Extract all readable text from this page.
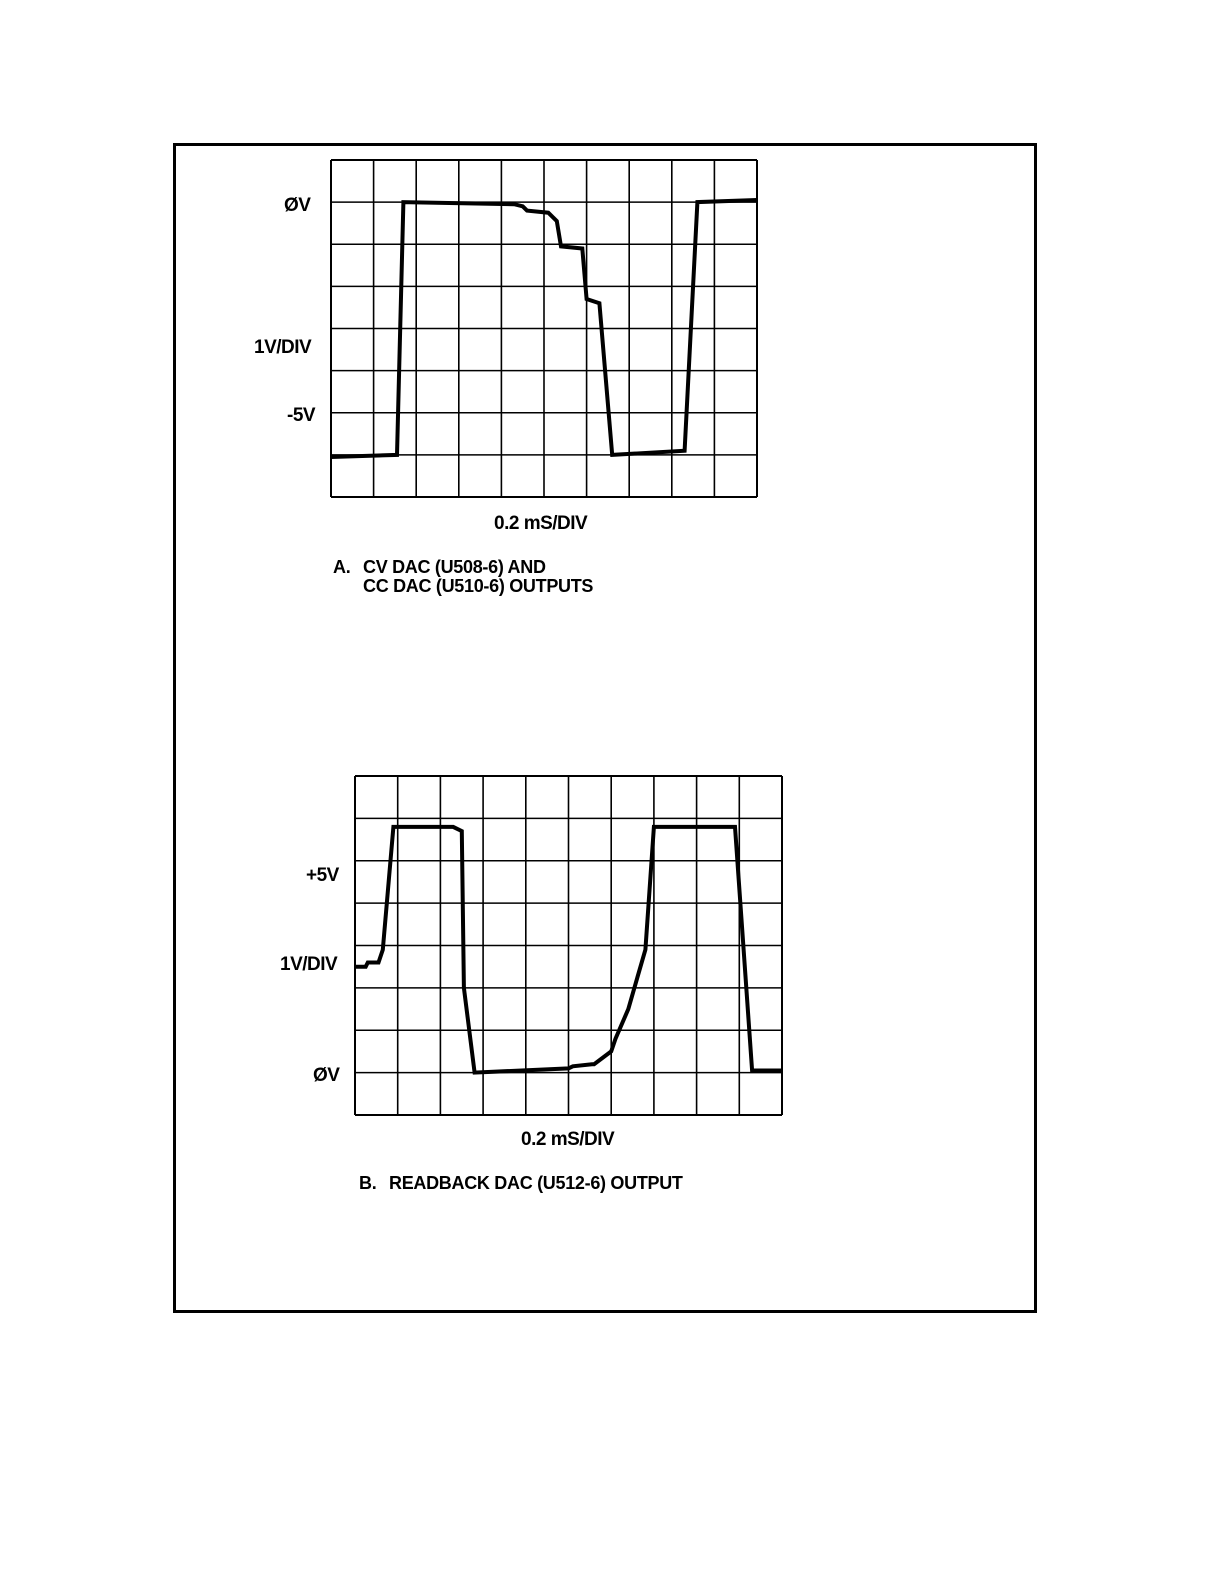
ØV
1V/DIV
-5V
0.2 mS/DIV
A. CV DAC (U508-6) AND
CC DAC (U510-6) OUTPUTS
+5V
1V/DIV
ØV
0.2 mS/DIV
B. READBACK DAC (U512-6) OUTPUT
